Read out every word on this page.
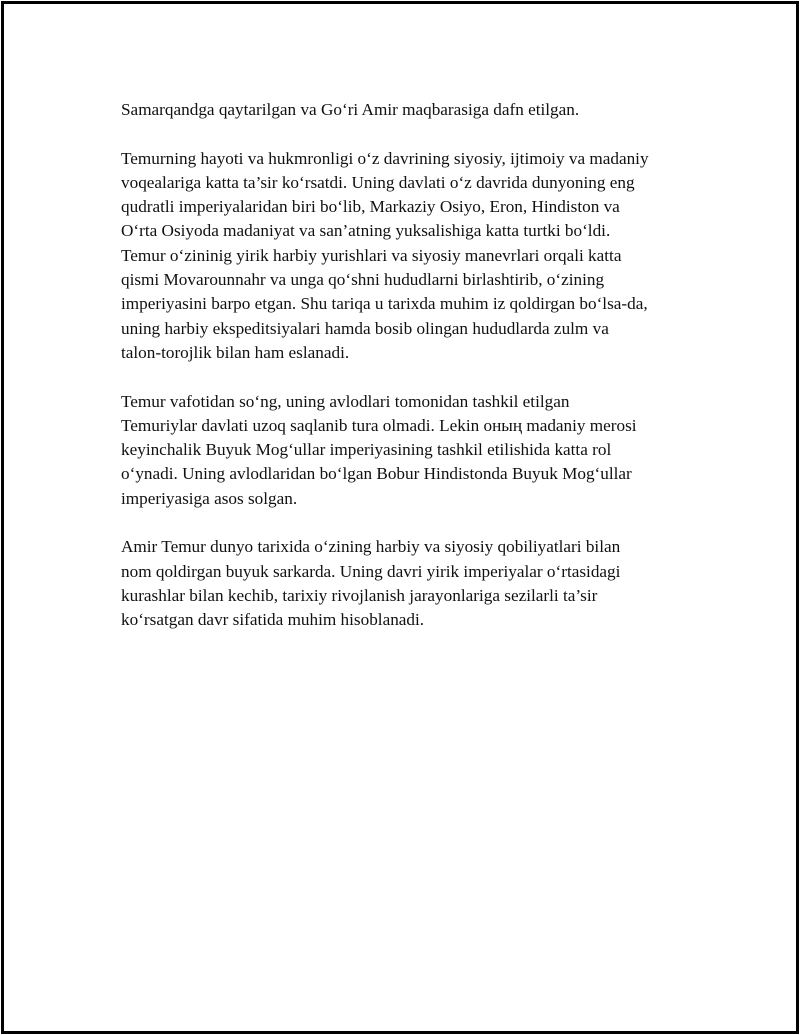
Samarqandga qaytarilgan va Go‘ri Amir maqbarasiga dafn etilgan.

Temurning hayoti va hukmronligi o‘z davrining siyosiy, ijtimoiy va madaniy
voqealariga katta ta’sir ko‘rsatdi. Uning davlati o‘z davrida dunyoning eng
qudratli imperiyalaridan biri bo‘lib, Markaziy Osiyo, Eron, Hindiston va
O‘rta Osiyoda madaniyat va san’atning yuksalishiga katta turtki bo‘ldi.
Temur o‘zininig yirik harbiy yurishlari va siyosiy manevrlari orqali katta
qismi Movarounnahr va unga qo‘shni hududlarni birlashtirib, o‘zining
imperiyasini barpo etgan. Shu tariqa u tarixda muhim iz qoldirgan bo‘lsa-da,
uning harbiy ekspeditsiyalari hamda bosib olingan hududlarda zulm va
talon-torojlik bilan ham eslanadi.

Temur vafotidan so‘ng, uning avlodlari tomonidan tashkil etilgan
Temuriylar davlati uzoq saqlanib tura olmadi. Lekin оның madaniy merosi
keyinchalik Buyuk Mog‘ullar imperiyasining tashkil etilishida katta rol
o‘ynadi. Uning avlodlaridan bo‘lgan Bobur Hindistonda Buyuk Mog‘ullar
imperiyasiga asos solgan.

Amir Temur dunyo tarixida o‘zining harbiy va siyosiy qobiliyatlari bilan
nom qoldirgan buyuk sarkarda. Uning davri yirik imperiyalar o‘rtasidagi
kurashlar bilan kechib, tarixiy rivojlanish jarayonlariga sezilarli ta’sir
ko‘rsatgan davr sifatida muhim hisoblanadi.
